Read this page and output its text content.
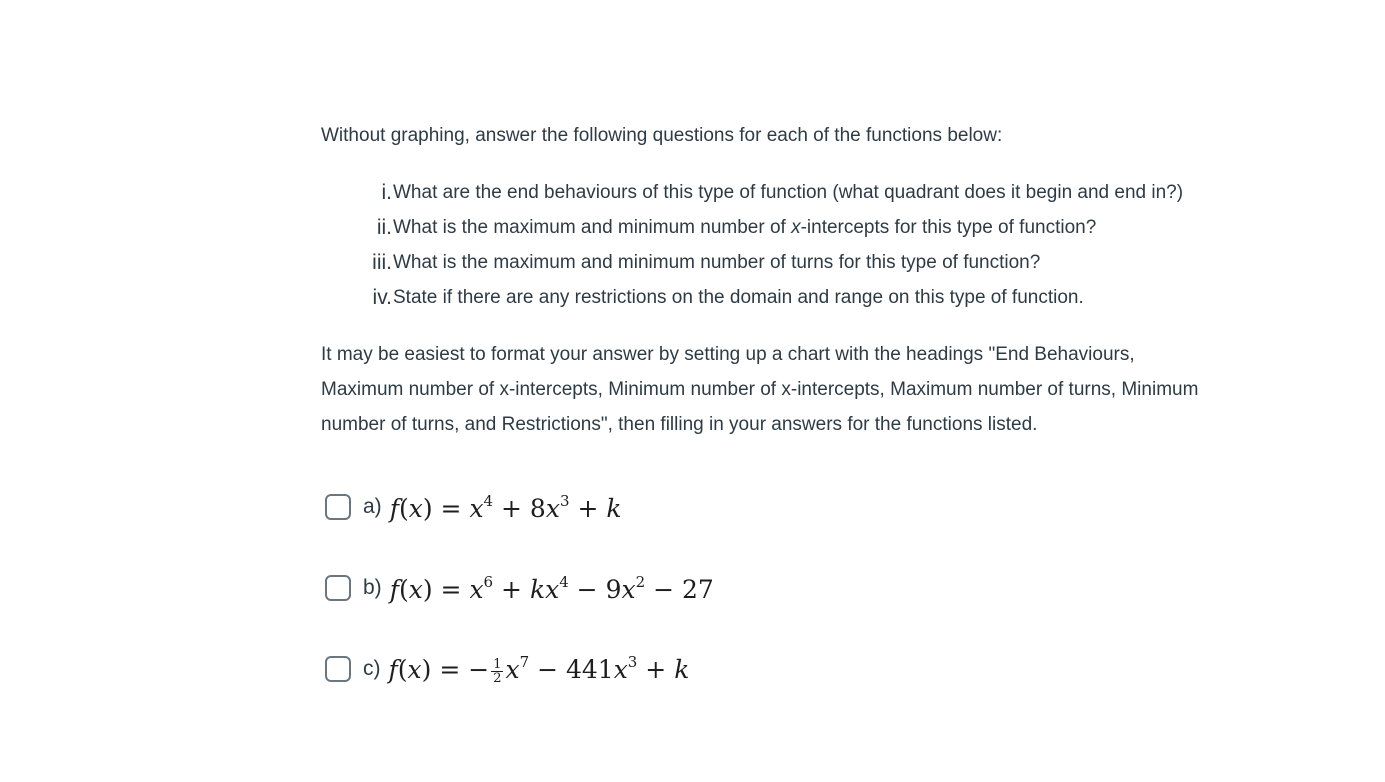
Without graphing, answer the following questions for each of the functions below:

i. What are the end behaviours of this type of function (what quadrant does it begin and end in?)
ii. What is the maximum and minimum number of x-intercepts for this type of function?
iii. What is the maximum and minimum number of turns for this type of function?
iv. State if there are any restrictions on the domain and range on this type of function.

It may be easiest to format your answer by setting up a chart with the headings "End Behaviours, Maximum number of x-intercepts, Minimum number of x-intercepts, Maximum number of turns, Minimum number of turns, and Restrictions", then filling in your answers for the functions listed.

a) $f(x) = x^4 + 8x^3 + k$
b) $f(x) = x^6 + kx^4 - 9x^2 - 27$
c) f(x) = − $\frac{1}{2} x^7 - 441x^3 + k$
